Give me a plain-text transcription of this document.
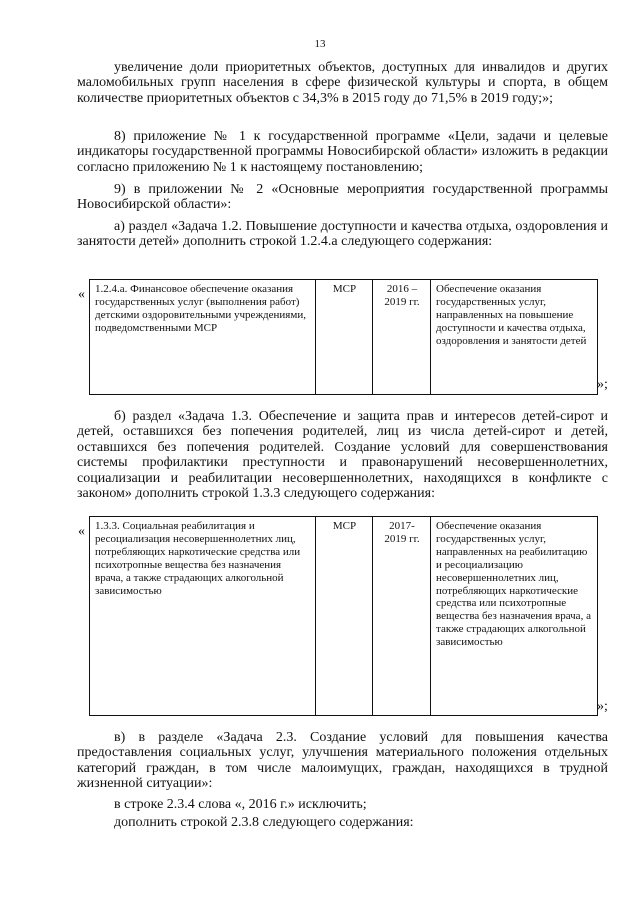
13

увеличение доли приоритетных объектов, доступных для инвалидов и других маломобильных групп населения в сфере физической культуры и спорта, в общем количестве приоритетных объектов с 34,3% в 2015 году до 71,5% в 2019 году;»;

8) приложение № 1 к государственной программе «Цели, задачи и целевые индикаторы государственной программы Новосибирской области» изложить в редакции согласно приложению № 1 к настоящему постановлению;

9) в приложении № 2 «Основные мероприятия государственной программы Новосибирской области»:

а) раздел «Задача 1.2. Повышение доступности и качества отдыха, оздоровления и занятости детей» дополнить строкой 1.2.4.а следующего содержания:

« 1.2.4.а. Финансовое обеспечение оказания государственных услуг (выполнения работ) детскими оздоровительными учреждениями, подведомственными МСР	МСР	2016 – 2019 гг.	Обеспечение оказания государственных услуг, направленных на повышение доступности и качества отдыха, оздоровления и занятости детей
»;

б) раздел «Задача 1.3. Обеспечение и защита прав и интересов детей-сирот и детей, оставшихся без попечения родителей, лиц из числа детей-сирот и детей, оставшихся без попечения родителей. Создание условий для совершенствования системы профилактики преступности и правонарушений несовершеннолетних, социализации и реабилитации несовершеннолетних, находящихся в конфликте с законом» дополнить строкой 1.3.3 следующего содержания:

« 1.3.3. Социальная реабилитация и ресоциализация несовершеннолетних лиц, потребляющих наркотические средства или психотропные вещества без назначения врача, а также страдающих алкогольной зависимостью	МСР	2017- 2019 гг.	Обеспечение оказания государственных услуг, направленных на реабилитацию и ресоциализацию несовершеннолетних лиц, потребляющих наркотические средства или психотропные вещества без назначения врача, а также страдающих алкогольной зависимостью
»;

в) в разделе «Задача 2.3. Создание условий для повышения качества предоставления социальных услуг, улучшения материального положения отдельных категорий граждан, в том числе малоимущих, граждан, находящихся в трудной жизненной ситуации»:

в строке 2.3.4 слова «, 2016 г.» исключить;

дополнить строкой 2.3.8 следующего содержания:
